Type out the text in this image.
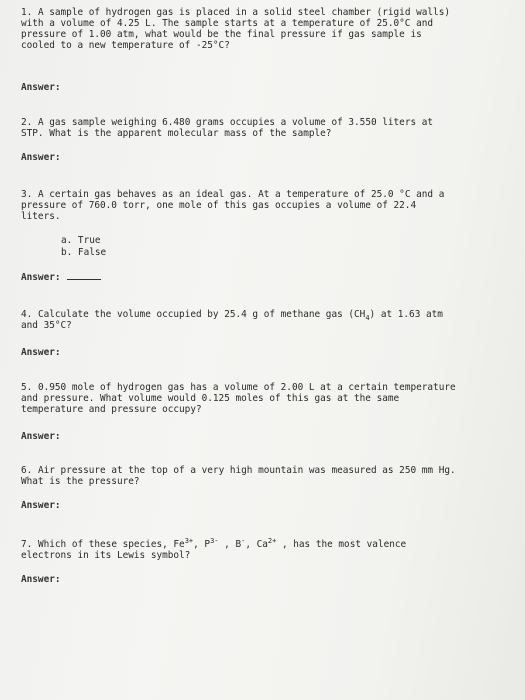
1. A sample of hydrogen gas is placed in a solid steel chamber (rigid walls) with a volume of 4.25 L. The sample starts at a temperature of 25.0°C and pressure of 1.00 atm, what would be the final pressure if gas sample is cooled to a new temperature of -25°C?
Answer:
2. A gas sample weighing 6.480 grams occupies a volume of 3.550 liters at STP. What is the apparent molecular mass of the sample?
Answer:
3. A certain gas behaves as an ideal gas. At a temperature of 25.0 °C and a pressure of 760.0 torr, one mole of this gas occupies a volume of 22.4 liters.
a. True
b. False
Answer:
4. Calculate the volume occupied by 25.4 g of methane gas $(CH_4)$ at 1.63 atm and 35°C?
Answer:
5. 0.950 mole of hydrogen gas has a volume of 2.00 L at a certain temperature and pressure. What volume would 0.125 moles of this gas at the same temperature and pressure occupy?
Answer:
6. Air pressure at the top of a very high mountain was measured as 250 mm Hg. What is the pressure?
Answer:
7. Which of these species, $Fe^{3+}$, $P^{3-}$ , B-, $Ca^{2+}$ , has the most valence electrons in its Lewis symbol?
Answer:
